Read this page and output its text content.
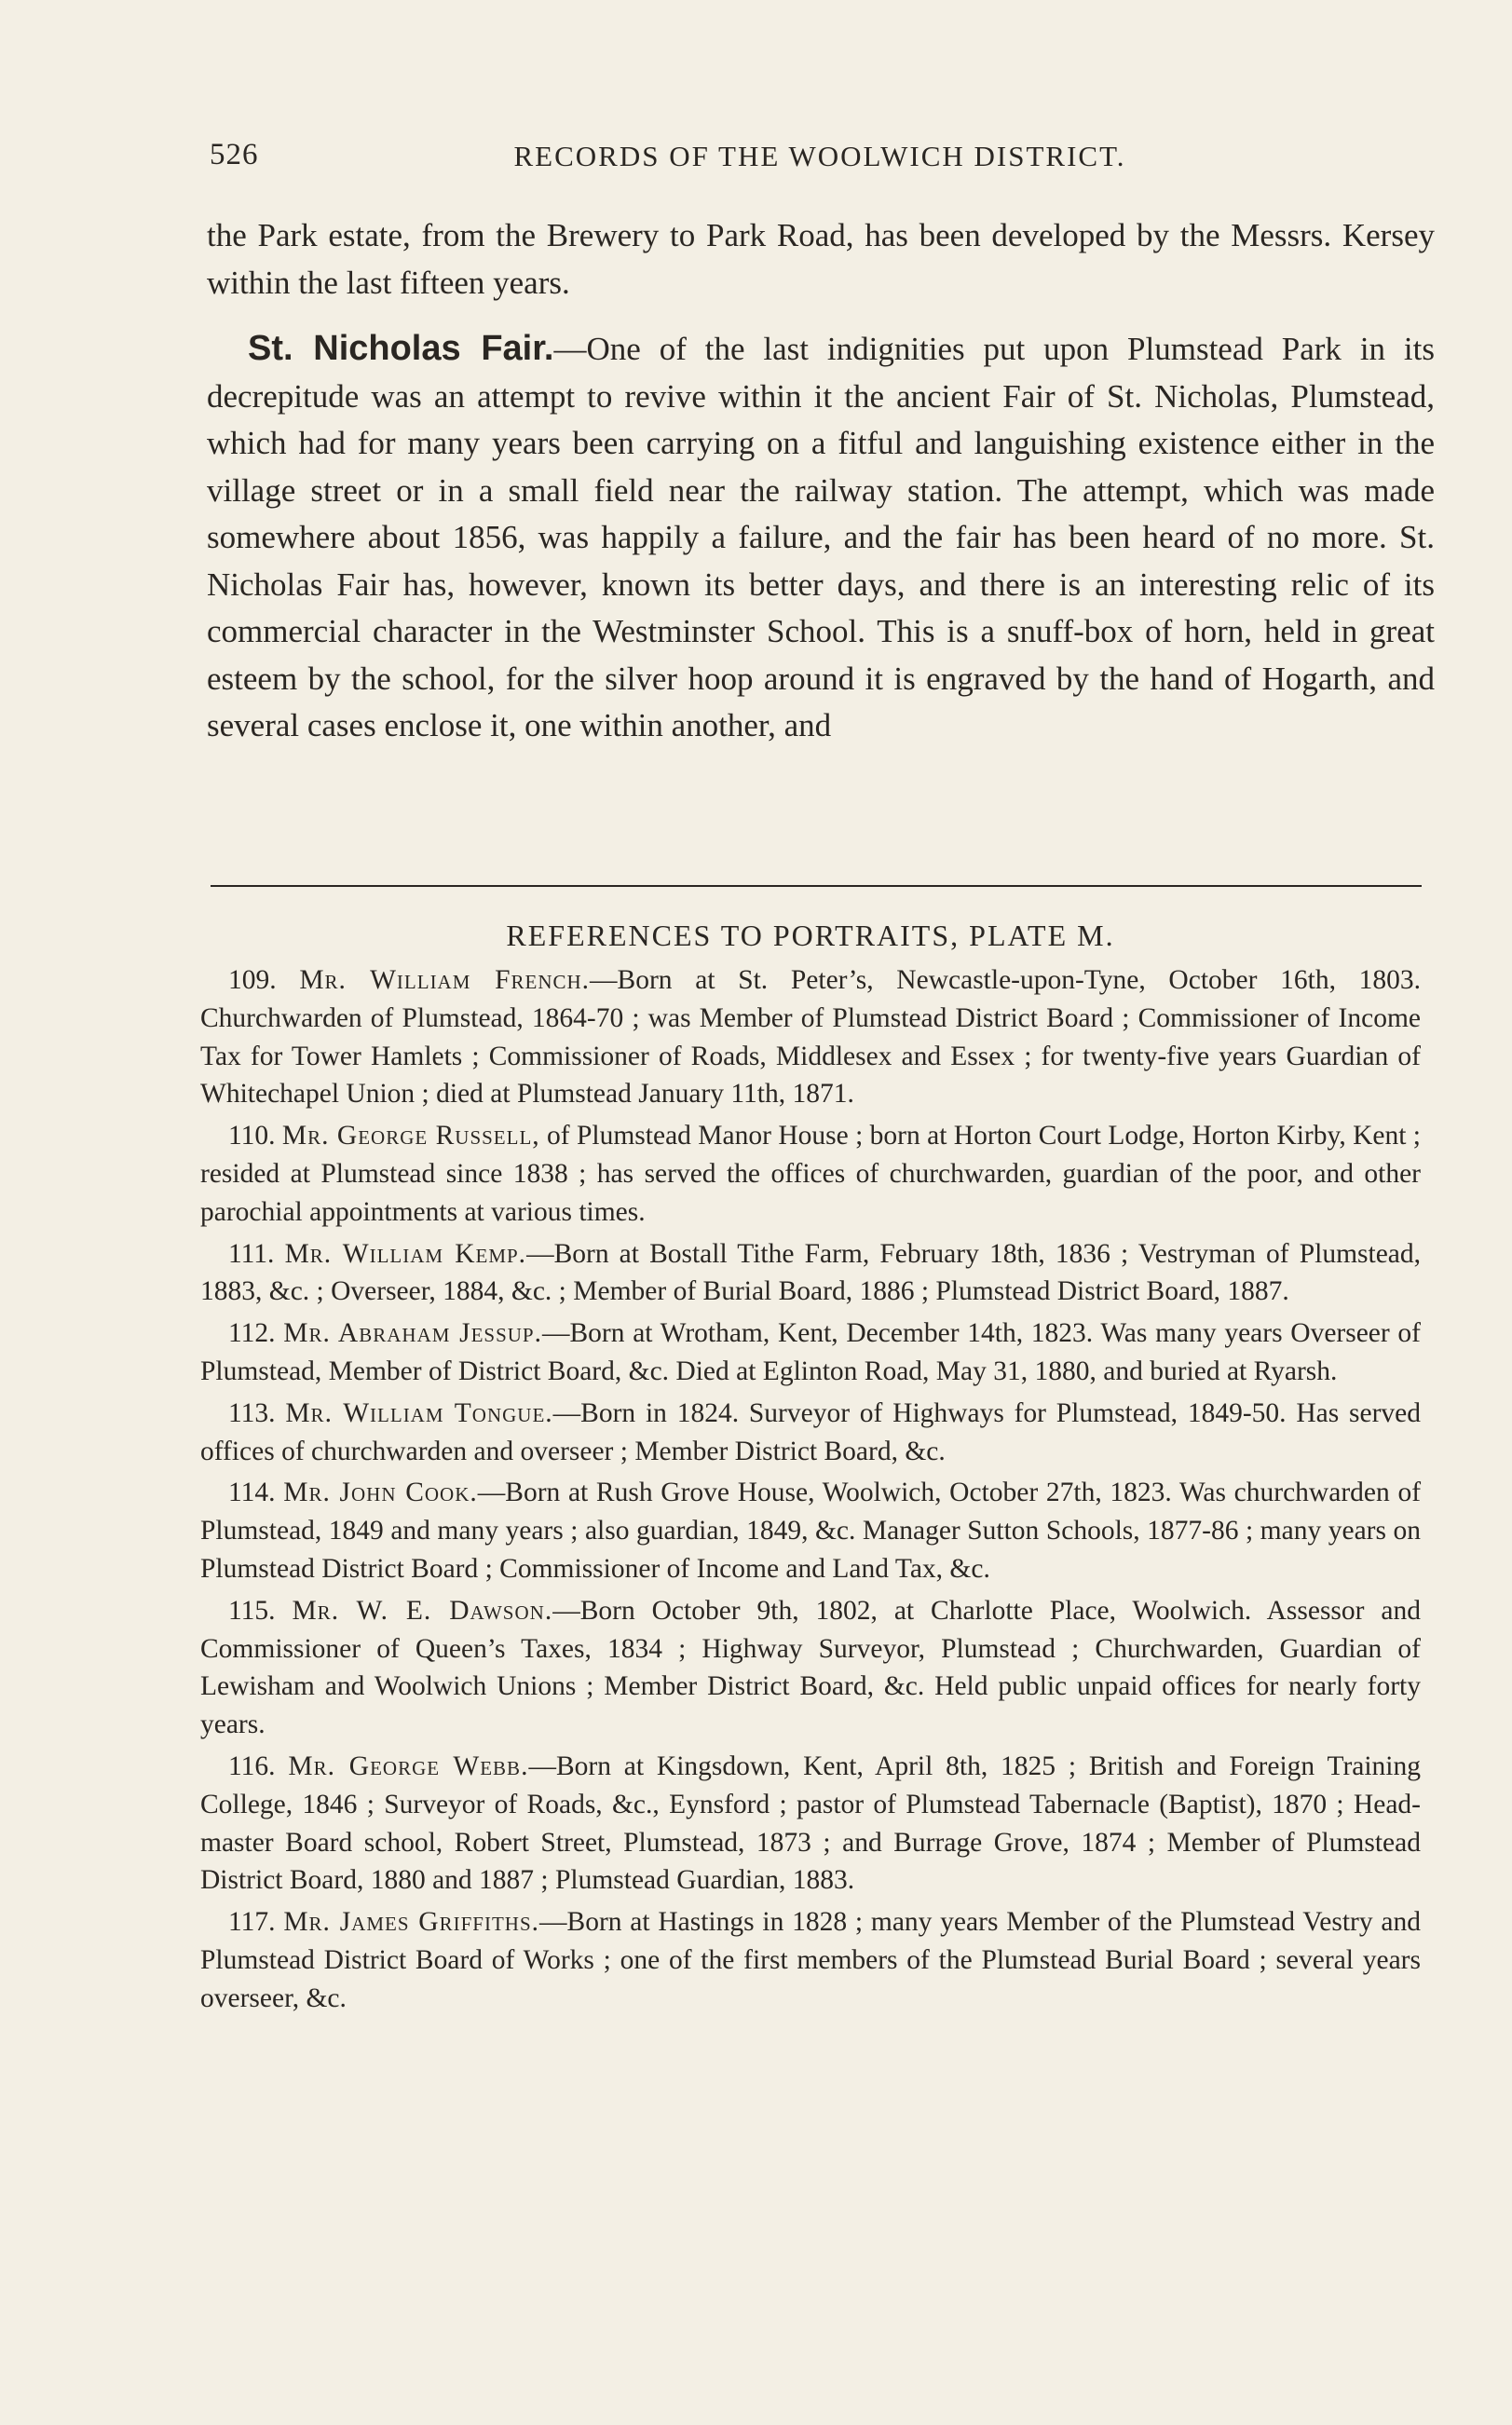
526	RECORDS OF THE WOOLWICH DISTRICT.

the Park estate, from the Brewery to Park Road, has been developed by the Messrs. Kersey within the last fifteen years.

St. Nicholas Fair.—One of the last indignities put upon Plumstead Park in its decrepitude was an attempt to revive within it the ancient Fair of St. Nicholas, Plumstead, which had for many years been carrying on a fitful and languishing existence either in the village street or in a small field near the railway station. The attempt, which was made somewhere about 1856, was happily a failure, and the fair has been heard of no more. St. Nicholas Fair has, however, known its better days, and there is an interesting relic of its commercial character in the Westminster School. This is a snuff-box of horn, held in great esteem by the school, for the silver hoop around it is engraved by the hand of Hogarth, and several cases enclose it, one within another, and

REFERENCES TO PORTRAITS, PLATE M.

109. Mr. William French.—Born at St. Peter’s, Newcastle-upon-Tyne, October 16th, 1803. Churchwarden of Plumstead, 1864-70 ; was Member of Plumstead District Board ; Commissioner of Income Tax for Tower Hamlets ; Commissioner of Roads, Middlesex and Essex ; for twenty-five years Guardian of Whitechapel Union ; died at Plumstead January 11th, 1871.

110. Mr. George Russell, of Plumstead Manor House ; born at Horton Court Lodge, Horton Kirby, Kent ; resided at Plumstead since 1838 ; has served the offices of churchwarden, guardian of the poor, and other parochial appointments at various times.

111. Mr. William Kemp.—Born at Bostall Tithe Farm, February 18th, 1836 ; Vestryman of Plumstead, 1883, &c. ; Overseer, 1884, &c. ; Member of Burial Board, 1886 ; Plumstead District Board, 1887.

112. Mr. Abraham Jessup.—Born at Wrotham, Kent, December 14th, 1823. Was many years Overseer of Plumstead, Member of District Board, &c. Died at Eglinton Road, May 31, 1880, and buried at Ryarsh.

113. Mr. William Tongue.—Born in 1824. Surveyor of Highways for Plumstead, 1849-50. Has served offices of churchwarden and overseer ; Member District Board, &c.

114. Mr. John Cook.—Born at Rush Grove House, Woolwich, October 27th, 1823. Was churchwarden of Plumstead, 1849 and many years ; also guardian, 1849, &c. Manager Sutton Schools, 1877-86 ; many years on Plumstead District Board ; Commissioner of Income and Land Tax, &c.

115. Mr. W. E. Dawson.—Born October 9th, 1802, at Charlotte Place, Woolwich. Assessor and Commissioner of Queen’s Taxes, 1834 ; Highway Surveyor, Plumstead ; Churchwarden, Guardian of Lewisham and Woolwich Unions ; Member District Board, &c. Held public unpaid offices for nearly forty years.

116. Mr. George Webb.—Born at Kingsdown, Kent, April 8th, 1825 ; British and Foreign Training College, 1846 ; Surveyor of Roads, &c., Eynsford ; pastor of Plumstead Tabernacle (Baptist), 1870 ; Head-master Board school, Robert Street, Plumstead, 1873 ; and Burrage Grove, 1874 ; Member of Plumstead District Board, 1880 and 1887 ; Plumstead Guardian, 1883.

117. Mr. James Griffiths.—Born at Hastings in 1828 ; many years Member of the Plumstead Vestry and Plumstead District Board of Works ; one of the first members of the Plumstead Burial Board ; several years overseer, &c.
